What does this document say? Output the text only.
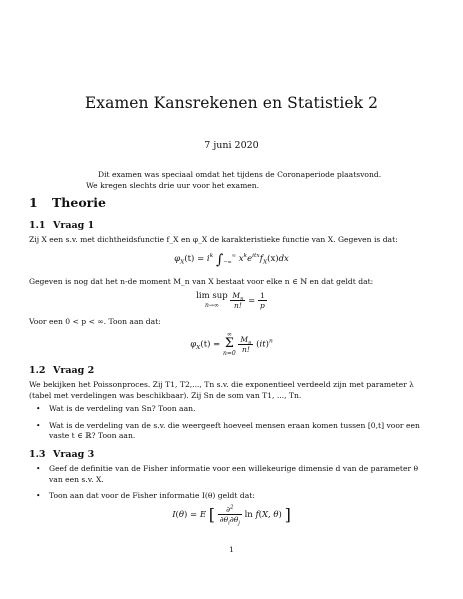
Examen Kansrekenen en Statistiek 2
7 juni 2020
Dit examen was speciaal omdat het tijdens de Coronaperiode plaatsvond. We kregen slechts drie uur voor het examen.
1 Theorie
1.1 Vraag 1
Zij X een s.v. met dichtheidsfunctie f_X en φ_X de karakteristieke functie van X. Gegeven is dat:
$\varphi_X(t) = i^k$ $\int_{-\infty}^\infty$ $x^ke^{itx}f_X(x)dx$
Gegeven is nog dat het n-de moment M_n van X bestaat voor elke n ∈ ℕ en dat geldt dat:
lim sup
$n\to\infty \frac{M_n}{n!} = \frac{1}{p}$
Voor een 0 < p < ∞. Toon aan dat:
$\varphi_X(t)$ = ∞
Σ
$n=0 \frac{M_n}{n!} (it)^n$
1.2 Vraag 2
We bekijken het Poissonproces. Zij T1, T2,..., Tn s.v. die exponentieel verdeeld zijn met parameter λ (tabel met verdelingen was beschikbaar). Zij Sn de som van T1, ..., Tn.
• Wat is de verdeling van Sn? Toon aan.
• Wat is de verdeling van de s.v. die weergeeft hoeveel mensen eraan komen tussen [0,t] voor een vaste t ∈ ℝ? Toon aan.
1.3 Vraag 3
• Geef de definitie van de Fisher informatie voor een willekeurige dimensie d van de parameter θ van een s.v. X.
• Toon aan dat voor de Fisher informatie I(θ) geldt dat:
I(θ) = E [ $\frac{\partial^2}{\partial\theta_i\partial\theta_j}$ ln f(X, θ) ]
1
